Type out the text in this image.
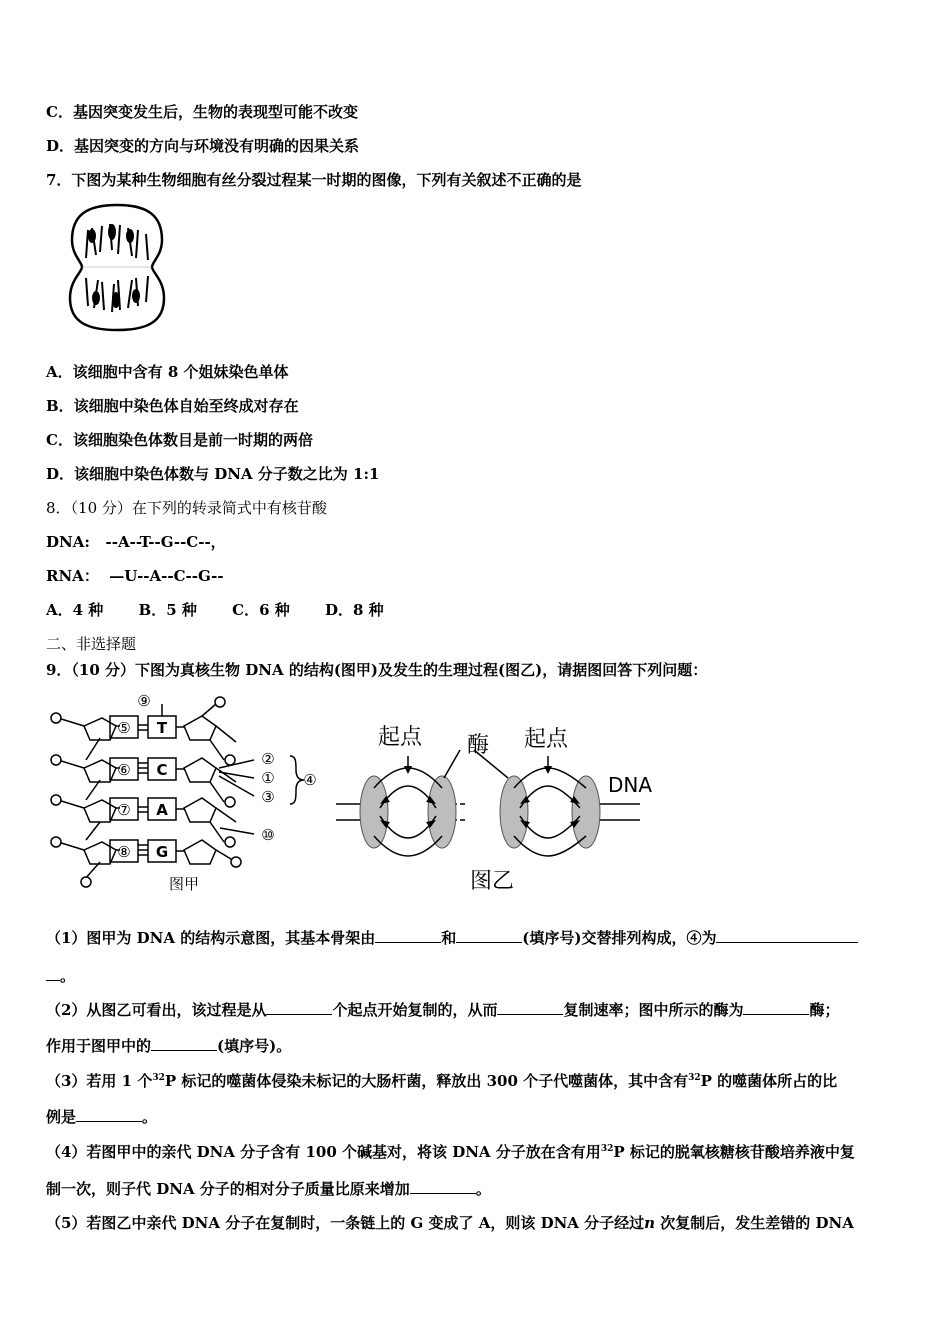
C．基因突变发生后，生物的表现型可能不改变
D．基因突变的方向与环境没有明确的因果关系
7．下图为某种生物细胞有丝分裂过程某一时期的图像，下列有关叙述不正确的是
A．该细胞中含有 8 个姐妹染色单体
B．该细胞中染色体自始至终成对存在
C．该细胞染色体数目是前一时期的两倍
D．该细胞中染色体数与 DNA 分子数之比为 1:1
8．（10 分）在下列的转录简式中有核苷酸
DNA:   --A--T--G--C--，
RNA：  —U--A--C--G--
A．4 种 B．5 种 C．6 种 D．8 种
二、非选择题
9．（10 分）下图为真核生物 DNA 的结构(图甲)及发生的生理过程(图乙)，请据图回答下列问题：
⑤
⑥
⑦
⑧
T
C
A
G
⑨
②
①
③
④
⑩
图甲
起点	起点
酶
DNA
图乙
（1）图甲为 DNA 的结构示意图，其基本骨架由	和	(填序号)交替排列构成，④为
。
（2）从图乙可看出，该过程是从	个起点开始复制的，从而	复制速率；图中所示的酶为	酶；
作用于图甲中的	(填序号)。
（3）若用 1 个$^{32}$P 标记的噬菌体侵染未标记的大肠杆菌，释放出 300 个子代噬菌体，其中含有$^{32}$P 的噬菌体所占的比
例是	。
（4）若图甲中的亲代 DNA 分子含有 100 个碱基对，将该 DNA 分子放在含有用$^{32}$P 标记的脱氧核糖核苷酸培养液中复
制一次，则子代 DNA 分子的相对分子质量比原来增加	。
（5）若图乙中亲代 DNA 分子在复制时，一条链上的 G 变成了 A，则该 DNA 分子经过n 次复制后，发生差错的 DNA
